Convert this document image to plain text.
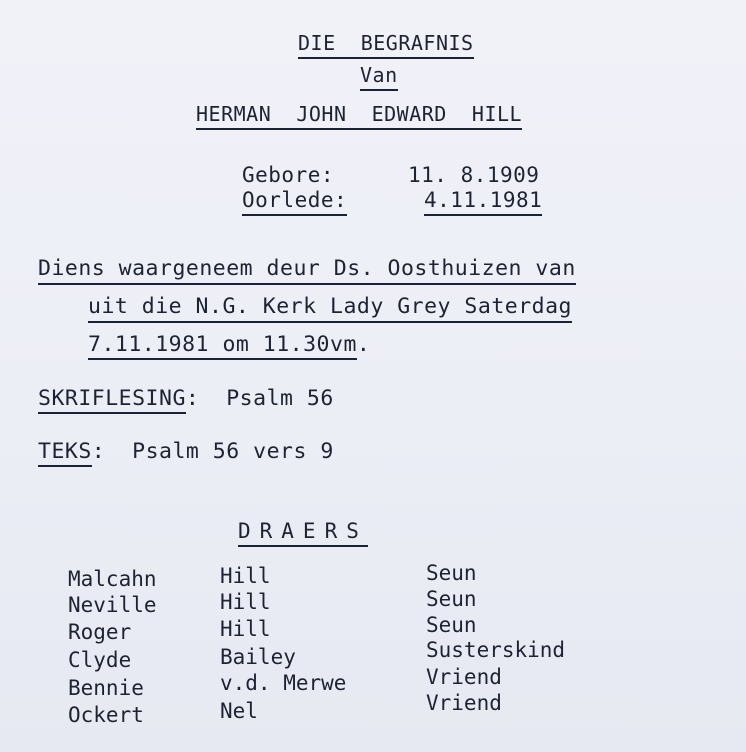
DIE  BEGRAFNIS
Van
HERMAN  JOHN  EDWARD  HILL
Gebore:	11. 8.1909
Oorlede:	4.11.1981
Diens waargeneem deur Ds. Oosthuizen van
uit die N.G. Kerk Lady Grey Saterdag
7.11.1981 om 11.30vm.
SKRIFLESING: Psalm 56
TEKS: Psalm 56 vers 9
DRAERS
Malcahn	Hill	Seun
Neville	Hill	Seun
Roger	Hill	Seun
Clyde	Bailey	Susterskind
Bennie	v.d. Merwe	Vriend
Ockert	Nel	Vriend
